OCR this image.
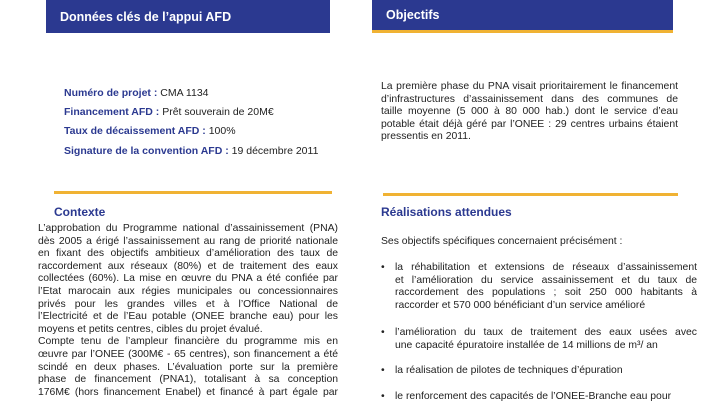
Données clés de l’appui AFD
Numéro de projet : CMA 1134
Financement AFD : Prêt souverain de 20M€
Taux de décaissement AFD : 100%
Signature de la convention AFD : 19 décembre 2011
Objectifs
La première phase du PNA visait prioritairement le financement
d’infrastructures d’assainissement dans des communes de
taille moyenne (5 000 à 80 000 hab.) dont le service d’eau
potable était déjà géré par l’ONEE : 29 centres urbains étaient
pressentis en 2011.
Contexte
L’approbation du Programme national d’assainissement (PNA)
dès 2005 a érigé l’assainissement au rang de priorité nationale
en fixant des objectifs ambitieux d’amélioration des taux de
raccordement aux réseaux (80%) et de traitement des eaux
collectées (60%). La mise en œuvre du PNA a été confiée par
l’Etat marocain aux régies municipales ou concessionnaires
privés pour les grandes villes et à l’Office National de
l’Electricité et de l’Eau potable (ONEE branche eau) pour les
moyens et petits centres, cibles du projet évalué.
Compte tenu de l’ampleur financière du programme mis en
œuvre par l’ONEE (300M€ - 65 centres), son financement a été
scindé en deux phases. L’évaluation porte sur la première
phase de financement (PNA1), totalisant à sa conception
176M€ (hors financement Enabel) et financé à part égale par
Réalisations attendues
Ses objectifs spécifiques concernaient précisément :
• la réhabilitation et extensions de réseaux d’assainissement
et l’amélioration du service assainissement et du taux de
raccordement des populations ; soit 250 000 habitants à
raccorder et 570 000 bénéficiant d’un service amélioré
• l’amélioration du taux de traitement des eaux usées avec
une capacité épuratoire installée de 14 millions de m³/ an
• la réalisation de pilotes de techniques d’épuration
• le renforcement des capacités de l’ONEE-Branche eau pour
